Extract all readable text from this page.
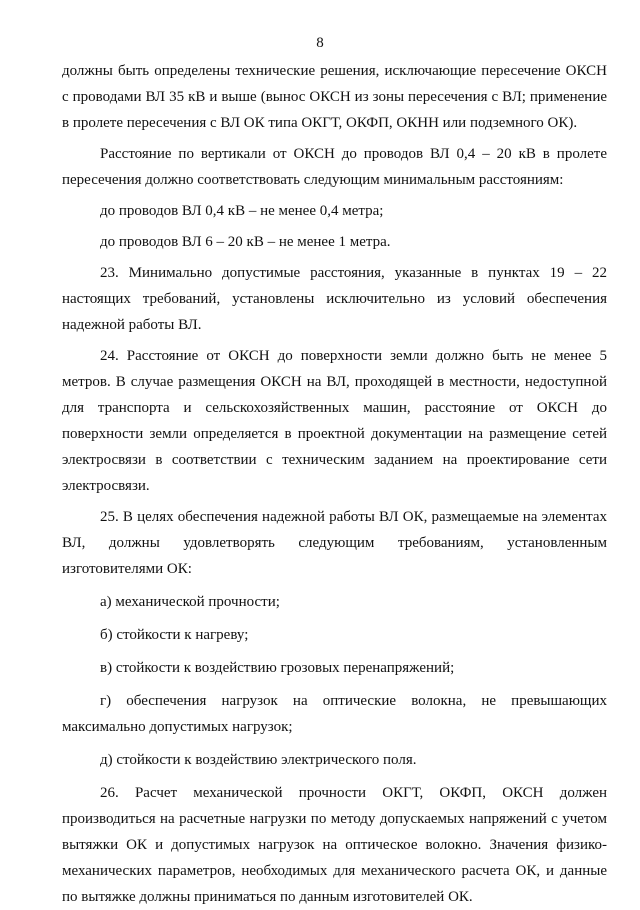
8

должны быть определены технические решения, исключающие пересечение ОКСН с проводами ВЛ 35 кВ и выше (вынос ОКСН из зоны пересечения с ВЛ; применение в пролете пересечения с ВЛ ОК типа ОКГТ, ОКФП, ОКНН или подземного ОК).

Расстояние по вертикали от ОКСН до проводов ВЛ 0,4 – 20 кВ в пролете пересечения должно соответствовать следующим минимальным расстояниям:

до проводов ВЛ 0,4 кВ – не менее 0,4 метра;

до проводов ВЛ 6 – 20 кВ – не менее 1 метра.

23. Минимально допустимые расстояния, указанные в пунктах 19 – 22 настоящих требований, установлены исключительно из условий обеспечения надежной работы ВЛ.

24. Расстояние от ОКСН до поверхности земли должно быть не менее 5 метров. В случае размещения ОКСН на ВЛ, проходящей в местности, недоступной для транспорта и сельскохозяйственных машин, расстояние от ОКСН до поверхности земли определяется в проектной документации на размещение сетей электросвязи в соответствии с техническим заданием на проектирование сети электросвязи.

25. В целях обеспечения надежной работы ВЛ ОК, размещаемые на элементах ВЛ, должны удовлетворять следующим требованиям, установленным изготовителями ОК:

а) механической прочности;

б) стойкости к нагреву;

в) стойкости к воздействию грозовых перенапряжений;

г) обеспечения нагрузок на оптические волокна, не превышающих максимально допустимых нагрузок;

д) стойкости к воздействию электрического поля.

26. Расчет механической прочности ОКГТ, ОКФП, ОКСН должен производиться на расчетные нагрузки по методу допускаемых напряжений с учетом вытяжки ОК и допустимых нагрузок на оптическое волокно. Значения физико-механических параметров, необходимых для механического расчета ОК, и данные по вытяжке должны приниматься по данным изготовителей ОК.
